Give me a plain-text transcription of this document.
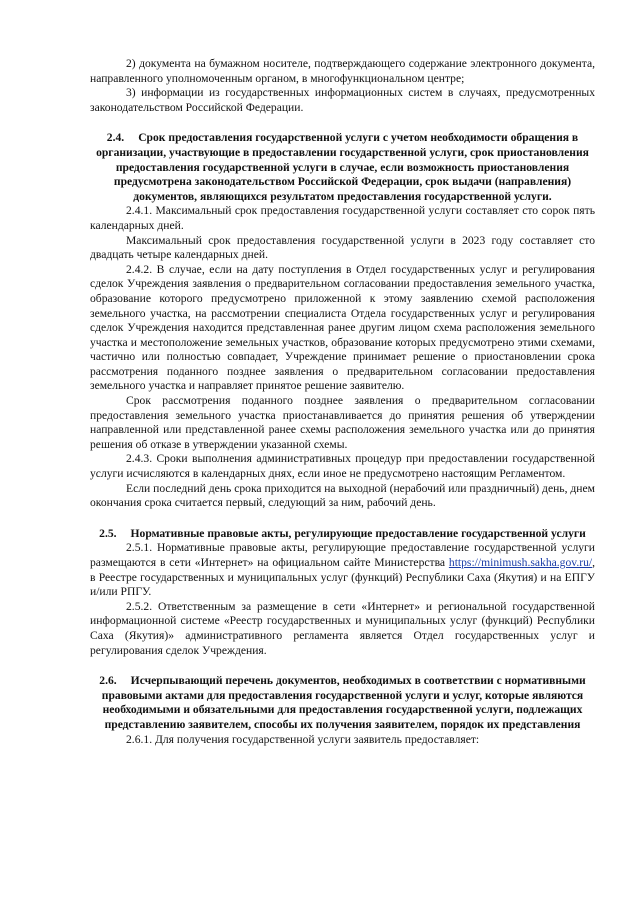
2) документа на бумажном носителе, подтверждающего содержание электронного документа, направленного уполномоченным органом, в многофункциональном центре;

3) информации из государственных информационных систем в случаях, предусмотренных законодательством Российской Федерации.

2.4. Срок предоставления государственной услуги с учетом необходимости обращения в организации, участвующие в предоставлении государственной услуги, срок приостановления предоставления государственной услуги в случае, если возможность приостановления предусмотрена законодательством Российской Федерации, срок выдачи (направления) документов, являющихся результатом предоставления государственной услуги.

2.4.1. Максимальный срок предоставления государственной услуги составляет сто сорок пять календарных дней.

Максимальный срок предоставления государственной услуги в 2023 году составляет сто двадцать четыре календарных дней.

2.4.2. В случае, если на дату поступления в Отдел государственных услуг и регулирования сделок Учреждения заявления о предварительном согласовании предоставления земельного участка, образование которого предусмотрено приложенной к этому заявлению схемой расположения земельного участка, на рассмотрении специалиста Отдела государственных услуг и регулирования сделок Учреждения находится представленная ранее другим лицом схема расположения земельного участка и местоположение земельных участков, образование которых предусмотрено этими схемами, частично или полностью совпадает, Учреждение принимает решение о приостановлении срока рассмотрения поданного позднее заявления о предварительном согласовании предоставления земельного участка и направляет принятое решение заявителю.

Срок рассмотрения поданного позднее заявления о предварительном согласовании предоставления земельного участка приостанавливается до принятия решения об утверждении направленной или представленной ранее схемы расположения земельного участка или до принятия решения об отказе в утверждении указанной схемы.

2.4.3. Сроки выполнения административных процедур при предоставлении государственной услуги исчисляются в календарных днях, если иное не предусмотрено настоящим Регламентом.

Если последний день срока приходится на выходной (нерабочий или праздничный) день, днем окончания срока считается первый, следующий за ним, рабочий день.

2.5. Нормативные правовые акты, регулирующие предоставление государственной услуги

2.5.1. Нормативные правовые акты, регулирующие предоставление государственной услуги размещаются в сети «Интернет» на официальном сайте Министерства https://minimush.sakha.gov.ru/, в Реестре государственных и муниципальных услуг (функций) Республики Саха (Якутия) и на ЕПГУ и/или РПГУ.

2.5.2. Ответственным за размещение в сети «Интернет» и региональной государственной информационной системе «Реестр государственных и муниципальных услуг (функций) Республики Саха (Якутия)» административного регламента является Отдел государственных услуг и регулирования сделок Учреждения.

2.6. Исчерпывающий перечень документов, необходимых в соответствии с нормативными правовыми актами для предоставления государственной услуги и услуг, которые являются необходимыми и обязательными для предоставления государственной услуги, подлежащих представлению заявителем, способы их получения заявителем, порядок их представления

2.6.1. Для получения государственной услуги заявитель предоставляет:
